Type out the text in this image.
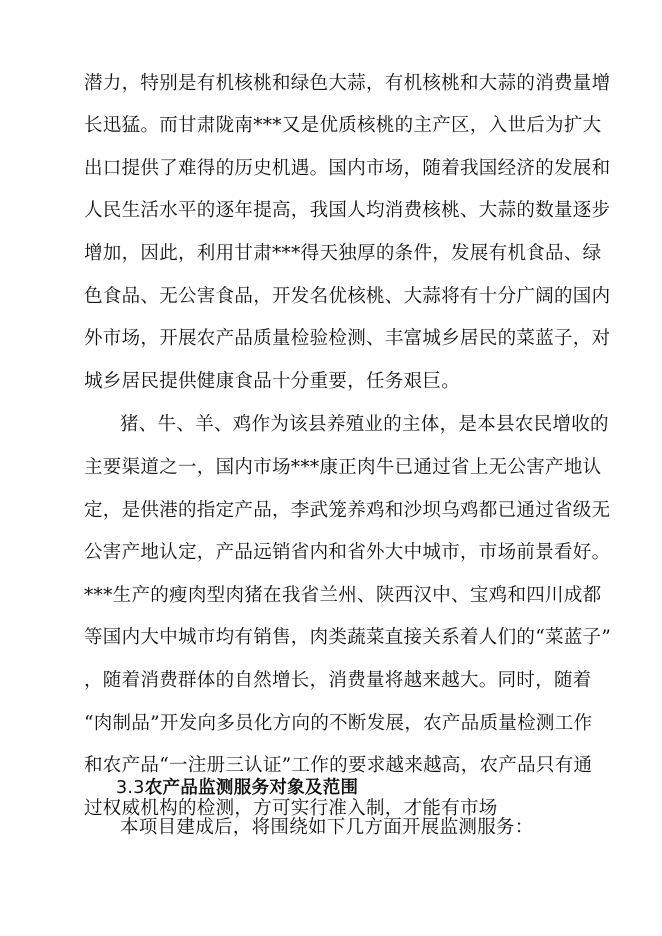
潜力，特别是有机核桃和绿色大蒜，有机核桃和大蒜的消费量增
长迅猛。而甘肃陇南***又是优质核桃的主产区，入世后为扩大
出口提供了难得的历史机遇。国内市场，随着我国经济的发展和
人民生活水平的逐年提高，我国人均消费核桃、大蒜的数量逐步
增加，因此，利用甘肃***得天独厚的条件，发展有机食品、绿
色食品、无公害食品，开发名优核桃、大蒜将有十分广阔的国内
外市场，开展农产品质量检验检测、丰富城乡居民的菜蓝子，对
城乡居民提供健康食品十分重要，任务艰巨。
猪、牛、羊、鸡作为该县养殖业的主体，是本县农民增收的
主要渠道之一，国内市场***康正肉牛已通过省上无公害产地认
定，是供港的指定产品，李武笼养鸡和沙坝乌鸡都已通过省级无
公害产地认定，产品远销省内和省外大中城市，市场前景看好。
***生产的瘦肉型肉猪在我省兰州、陕西汉中、宝鸡和四川成都
等国内大中城市均有销售，肉类蔬菜直接关系着人们的“菜蓝子”
，随着消费群体的自然增长，消费量将越来越大。同时，随着
“肉制品”开发向多员化方向的不断发展，农产品质量检测工作
和农产品“一注册三认证”工作的要求越来越高，农产品只有通
过权威机构的检测，方可实行准入制，才能有市场
3.3农产品监测服务对象及范围
本项目建成后，将围绕如下几方面开展监测服务：
